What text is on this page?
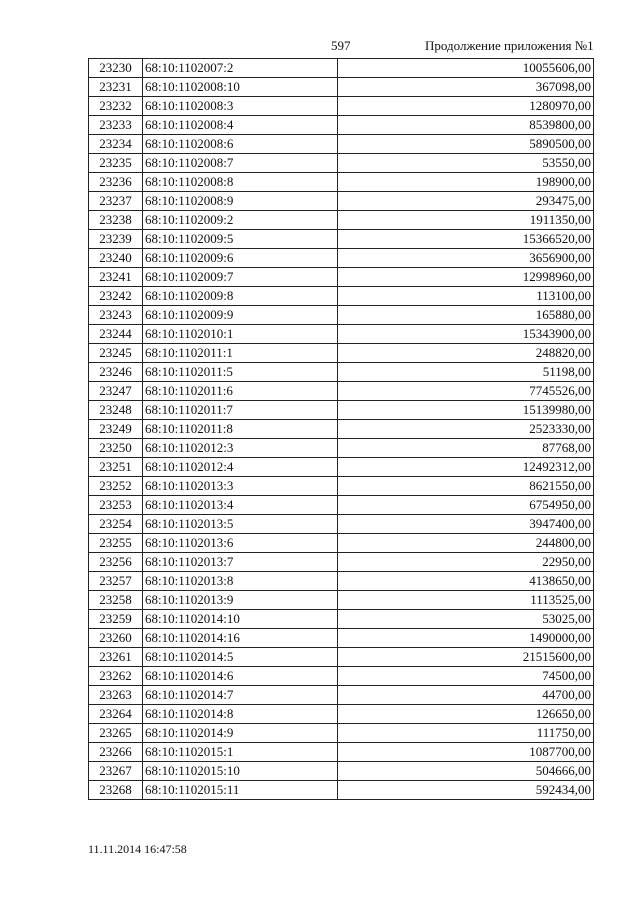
597	Продолжение приложения №1
23230	68:10:1102007:2	10055606,00
23231	68:10:1102008:10	367098,00
23232	68:10:1102008:3	1280970,00
23233	68:10:1102008:4	8539800,00
23234	68:10:1102008:6	5890500,00
23235	68:10:1102008:7	53550,00
23236	68:10:1102008:8	198900,00
23237	68:10:1102008:9	293475,00
23238	68:10:1102009:2	1911350,00
23239	68:10:1102009:5	15366520,00
23240	68:10:1102009:6	3656900,00
23241	68:10:1102009:7	12998960,00
23242	68:10:1102009:8	113100,00
23243	68:10:1102009:9	165880,00
23244	68:10:1102010:1	15343900,00
23245	68:10:1102011:1	248820,00
23246	68:10:1102011:5	51198,00
23247	68:10:1102011:6	7745526,00
23248	68:10:1102011:7	15139980,00
23249	68:10:1102011:8	2523330,00
23250	68:10:1102012:3	87768,00
23251	68:10:1102012:4	12492312,00
23252	68:10:1102013:3	8621550,00
23253	68:10:1102013:4	6754950,00
23254	68:10:1102013:5	3947400,00
23255	68:10:1102013:6	244800,00
23256	68:10:1102013:7	22950,00
23257	68:10:1102013:8	4138650,00
23258	68:10:1102013:9	1113525,00
23259	68:10:1102014:10	53025,00
23260	68:10:1102014:16	1490000,00
23261	68:10:1102014:5	21515600,00
23262	68:10:1102014:6	74500,00
23263	68:10:1102014:7	44700,00
23264	68:10:1102014:8	126650,00
23265	68:10:1102014:9	111750,00
23266	68:10:1102015:1	1087700,00
23267	68:10:1102015:10	504666,00
23268	68:10:1102015:11	592434,00
11.11.2014 16:47:58
